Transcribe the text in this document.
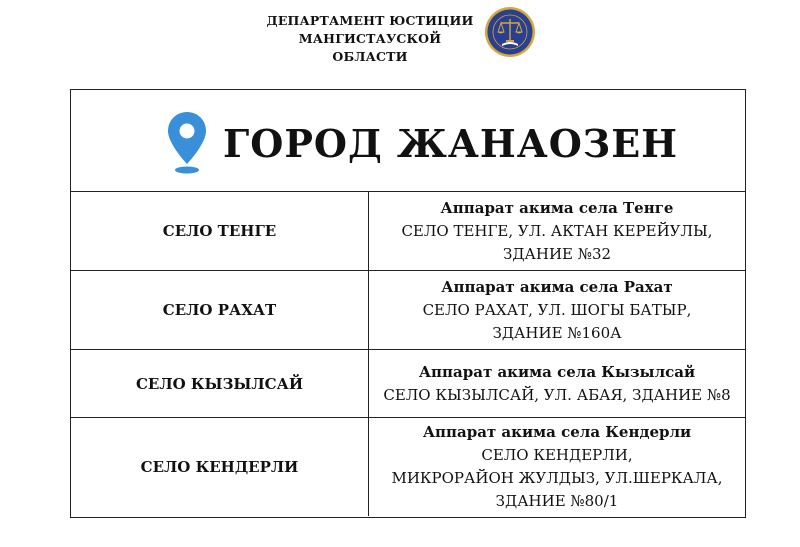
ДЕПАРТАМЕНТ ЮСТИЦИИ
МАНГИСТАУСКОЙ ОБЛАСТИ
ГОРОД ЖАНАОЗЕН
СЕЛО ТЕНГЕ
Аппарат акима села Тенге
СЕЛО ТЕНГЕ, УЛ. АКТАН КЕРЕЙУЛЫ,
ЗДАНИЕ №32
СЕЛО РАХАТ
Аппарат акима села Рахат
СЕЛО РАХАТ, УЛ. ШОГЫ БАТЫР,
ЗДАНИЕ №160А
СЕЛО КЫЗЫЛСАЙ
Аппарат акима села Кызылсай
СЕЛО КЫЗЫЛСАЙ, УЛ. АБАЯ, ЗДАНИЕ №8
СЕЛО КЕНДЕРЛИ
Аппарат акима села Кендерли
СЕЛО КЕНДЕРЛИ,
МИКРОРАЙОН ЖУЛДЫЗ, УЛ.ШЕРКАЛА,
ЗДАНИЕ №80/1
